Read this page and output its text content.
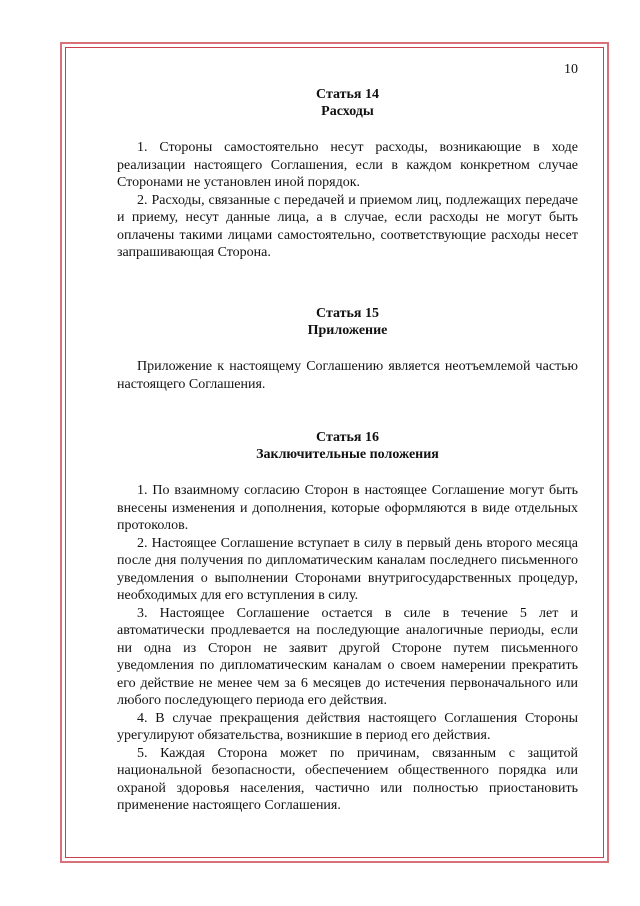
10

Статья 14

Расходы

1. Стороны самостоятельно несут расходы, возникающие в ходе реализации настоящего Соглашения, если в каждом конкретном случае Сторонами не установлен иной порядок.

2. Расходы, связанные с передачей и приемом лиц, подлежащих передаче и приему, несут данные лица, а в случае, если расходы не могут быть оплачены такими лицами самостоятельно, соответствующие расходы несет запрашивающая Сторона.

Статья 15

Приложение

Приложение к настоящему Соглашению является неотъемлемой частью настоящего Соглашения.

Статья 16

Заключительные положения

1. По взаимному согласию Сторон в настоящее Соглашение могут быть внесены изменения и дополнения, которые оформляются в виде отдельных протоколов.

2. Настоящее Соглашение вступает в силу в первый день второго месяца после дня получения по дипломатическим каналам последнего письменного уведомления о выполнении Сторонами внутригосударственных процедур, необходимых для его вступления в силу.

3. Настоящее Соглашение остается в силе в течение 5 лет и автоматически продлевается на последующие аналогичные периоды, если ни одна из Сторон не заявит другой Стороне путем письменного уведомления по дипломатическим каналам о своем намерении прекратить его действие не менее чем за 6 месяцев до истечения первоначального или любого последующего периода его действия.

4. В случае прекращения действия настоящего Соглашения Стороны урегулируют обязательства, возникшие в период его действия.

5. Каждая Сторона может по причинам, связанным с защитой национальной безопасности, обеспечением общественного порядка или охраной здоровья населения, частично или полностью приостановить применение настоящего Соглашения.
